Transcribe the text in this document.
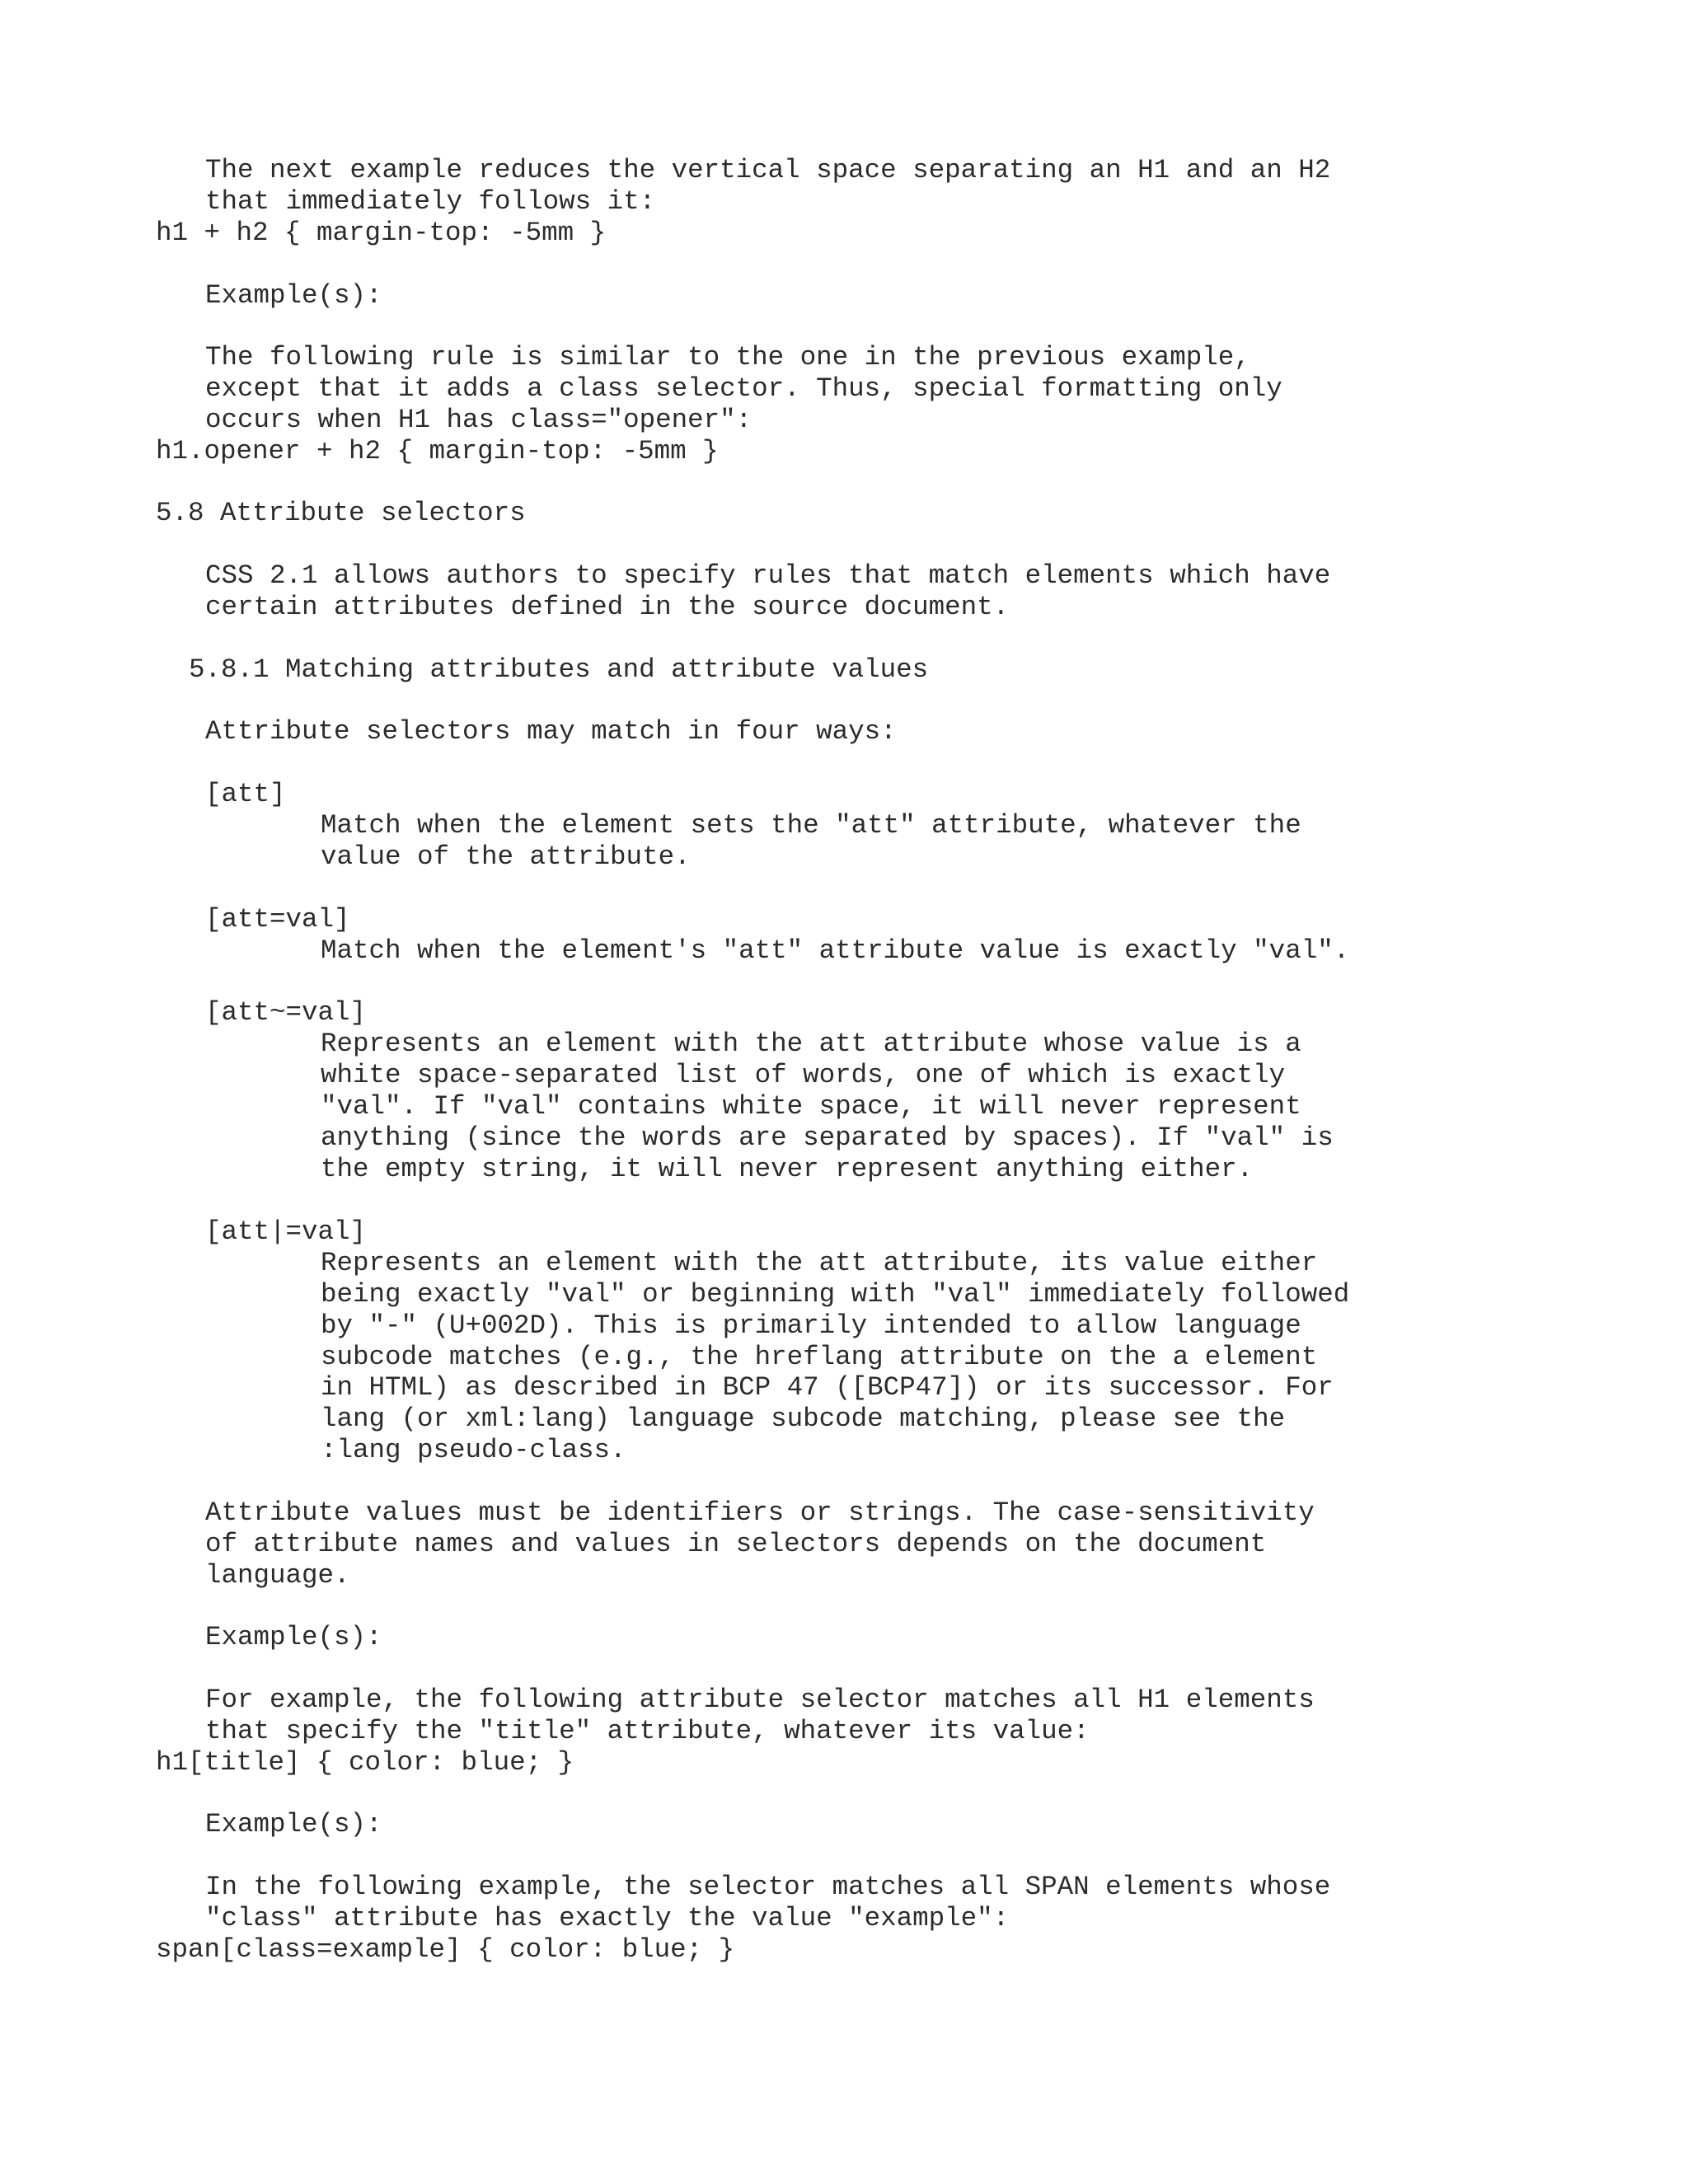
The next example reduces the vertical space separating an H1 and an H2

that immediately follows it:

h1 + h2 { margin-top: -5mm }

Example(s):

The following rule is similar to the one in the previous example,

except that it adds a class selector. Thus, special formatting only

occurs when H1 has class="opener":

h1.opener + h2 { margin-top: -5mm }

5.8 Attribute selectors

CSS 2.1 allows authors to specify rules that match elements which have

certain attributes defined in the source document.

5.8.1 Matching attributes and attribute values

Attribute selectors may match in four ways:

[att]

Match when the element sets the "att" attribute, whatever the

value of the attribute.

[att=val]

Match when the element's "att" attribute value is exactly "val".

[att~=val]

Represents an element with the att attribute whose value is a

white space-separated list of words, one of which is exactly

"val". If "val" contains white space, it will never represent

anything (since the words are separated by spaces). If "val" is

the empty string, it will never represent anything either.

[att|=val]

Represents an element with the att attribute, its value either

being exactly "val" or beginning with "val" immediately followed

by "-" (U+002D). This is primarily intended to allow language

subcode matches (e.g., the hreflang attribute on the a element

in HTML) as described in BCP 47 ([BCP47]) or its successor. For

lang (or xml:lang) language subcode matching, please see the

:lang pseudo-class.

Attribute values must be identifiers or strings. The case-sensitivity

of attribute names and values in selectors depends on the document

language.

Example(s):

For example, the following attribute selector matches all H1 elements

that specify the "title" attribute, whatever its value:

h1[title] { color: blue; }

Example(s):

In the following example, the selector matches all SPAN elements whose

"class" attribute has exactly the value "example":

span[class=example] { color: blue; }
